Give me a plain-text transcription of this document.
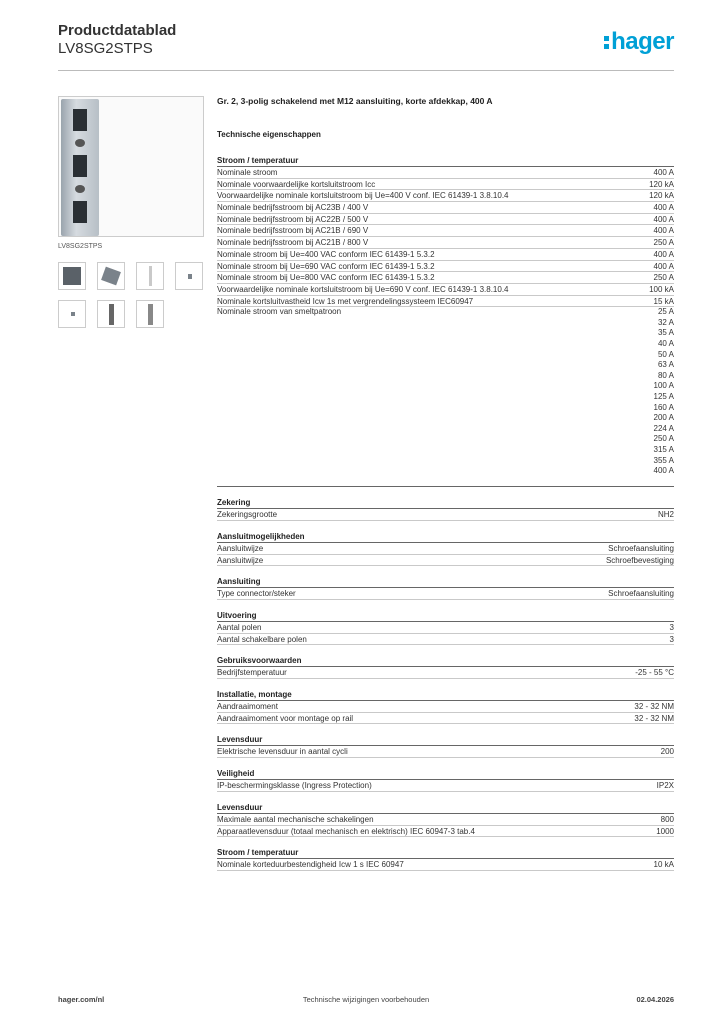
Productdatablad
LV8SG2STPS	hager
LV8SG2STPS
Gr. 2, 3-polig schakelend met M12 aansluiting, korte afdekkap, 400 A
Technische eigenschappen
Stroom / temperatuur
Nominale stroom	400 A
Nominale voorwaardelijke kortsluitstroom Icc	120 kA
Voorwaardelijke nominale kortsluitstroom bij Ue=400 V conf. IEC 61439-1 3.8.10.4	120 kA
Nominale bedrijfsstroom bij AC23B / 400 V	400 A
Nominale bedrijfsstroom bij AC22B / 500 V	400 A
Nominale bedrijfsstroom bij AC21B / 690 V	400 A
Nominale bedrijfsstroom bij AC21B / 800 V	250 A
Nominale stroom bij Ue=400 VAC conform IEC 61439-1 5.3.2	400 A
Nominale stroom bij Ue=690 VAC conform IEC 61439-1 5.3.2	400 A
Nominale stroom bij Ue=800 VAC conform IEC 61439-1 5.3.2	250 A
Voorwaardelijke nominale kortsluitstroom bij Ue=690 V conf. IEC 61439-1 3.8.10.4	100 kA
Nominale kortsluitvastheid Icw 1s met vergrendelingssysteem IEC60947	15 kA
Nominale stroom van smeltpatroon	25 A
32 A
35 A
40 A
50 A
63 A
80 A
100 A
125 A
160 A
200 A
224 A
250 A
315 A
355 A
400 A
Zekering
Zekeringsgrootte	NH2
Aansluitmogelijkheden
Aansluitwijze	Schroefaansluiting
Aansluitwijze	Schroefbevestiging
Aansluiting
Type connector/steker	Schroefaansluiting
Uitvoering
Aantal polen	3
Aantal schakelbare polen	3
Gebruiksvoorwaarden
Bedrijfstemperatuur	-25 - 55 °C
Installatie, montage
Aandraaimoment	32 - 32 NM
Aandraaimoment voor montage op rail	32 - 32 NM
Levensduur
Elektrische levensduur in aantal cycli	200
Veiligheid
IP-beschermingsklasse (Ingress Protection)	IP2X
Levensduur
Maximale aantal mechanische schakelingen	800
Apparaatlevensduur (totaal mechanisch en elektrisch) IEC 60947-3 tab.4	1000
Stroom / temperatuur
Nominale korteduurbestendigheid Icw 1 s IEC 60947	10 kA
hager.com/nl	Technische wijzigingen voorbehouden	02.04.2026
